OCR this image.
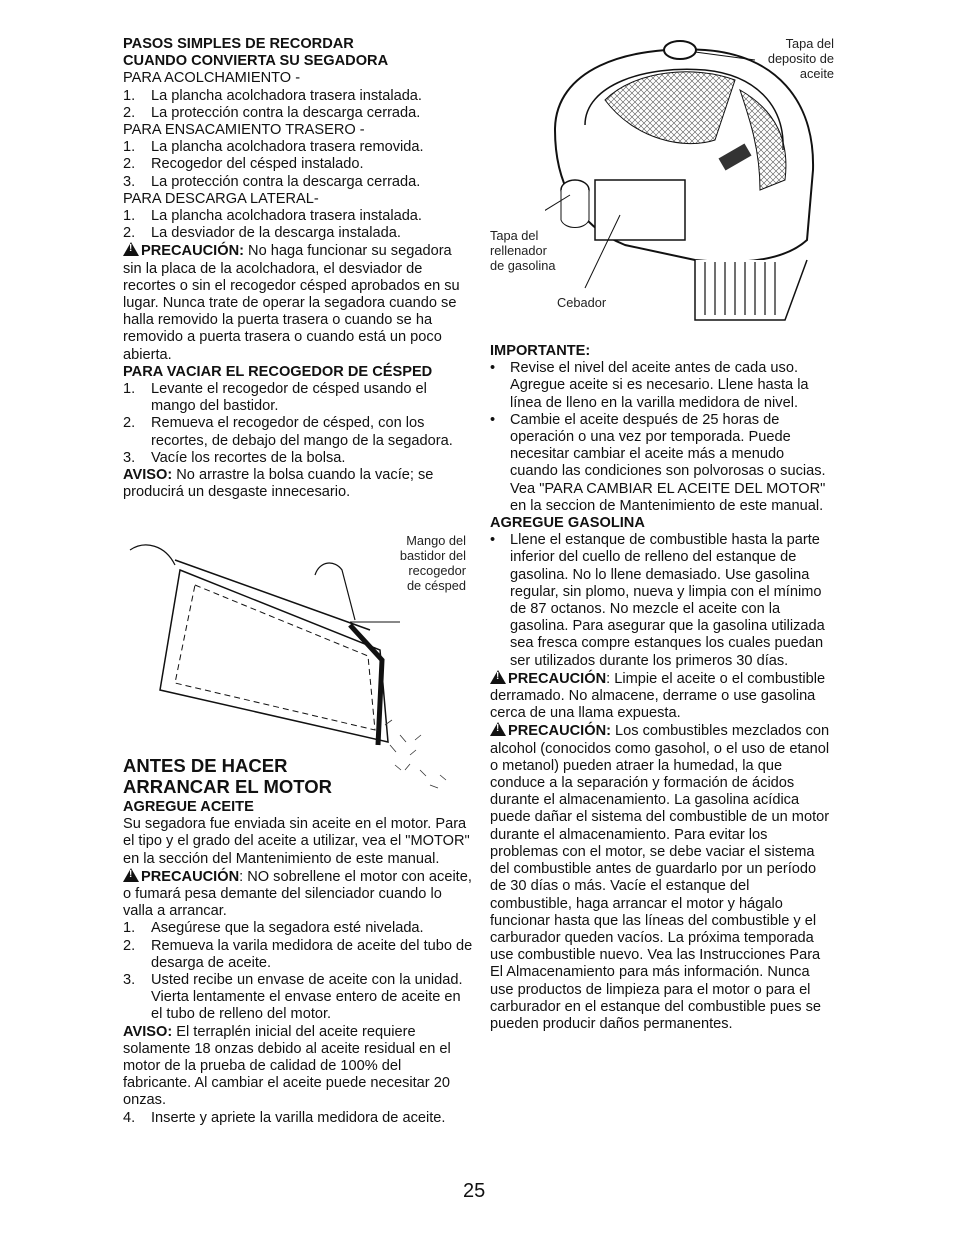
Tapa del
deposito de
aceite
Tapa del
rellenador
de gasolina
Cebador
Mango del
bastidor del
recogedor
de césped

PASOS SIMPLES DE RECORDAR

CUANDO CONVIERTA SU SEGADORA

PARA ACOLCHAMIENTO -

1.	La plancha acolchadora trasera instalada.
2.	La protección contra la descarga cerrada.

PARA ENSACAMIENTO TRASERO -

1.	La plancha acolchadora trasera removida.
2.	Recogedor del césped instalado.
3.	La protección contra la descarga cerrada.

PARA DESCARGA LATERAL-

1.	La plancha acolchadora trasera instalada.
2.	La desviador de la descarga instalada.

!PRECAUCIÓN: No haga funcionar su segadora sin la placa de la acolchadora, el desviador de recortes o sin el recogedor césped aprobados en su lugar. Nunca trate de operar la segadora cuando se halla removido la puerta trasera o cuando se ha removido a puerta trasera o cuando está un poco abierta.

PARA VACIAR EL RECOGEDOR DE CÉSPED

1.	Levante el recogedor de césped usando el mango del bastidor.
2.	Remueva el recogedor de césped, con los recortes, de debajo del mango de la segadora.
3.	Vacíe los recortes de la bolsa.

AVISO: No arrastre la bolsa cuando la vacíe; se producirá un desgaste innecesario.

ANTES DE HACER

ARRANCAR EL MOTOR

AGREGUE ACEITE

Su segadora fue enviada sin aceite en el motor. Para el tipo y el grado del aceite a utilizar, vea el "MOTOR" en la sección del Mantenimiento de este manual.

!PRECAUCIÓN: NO sobrellene el motor con aceite, o fumará pesa demante del silenciador cuando lo valla a arrancar.

1.	Asegúrese que la segadora esté nivelada.
2.	Remueva la varila medidora de aceite del tubo de desarga de aceite.
3.	Usted recibe un envase de aceite con la unidad. Vierta lentamente el envase entero de aceite en el tubo de relleno del motor.

AVISO: El terraplén inicial del aceite requiere solamente 18 onzas debido al aceite residual en el motor de la prueba de calidad de 100% del fabricante. Al cambiar el aceite puede necesitar 20 onzas.

4.	Inserte y apriete la varilla medidora de aceite.

IMPORTANTE:

•	Revise el nivel del aceite antes de cada uso. Agregue aceite si es necesario. Llene hasta la línea de lleno en la varilla medidora de nivel.
•	Cambie el aceite después de 25 horas de operación o una vez por temporada. Puede necesitar cambiar el aceite más a menudo cuando las condiciones son polvorosas o sucias. Vea "PARA CAMBIAR EL ACEITE DEL MOTOR" en la seccion de Mantenimiento de este manual.

AGREGUE GASOLINA

•	Llene el estanque de combustible hasta la parte inferior del cuello de relleno del estanque de gasolina. No lo llene demasiado. Use gasolina regular, sin plomo, nueva y limpia con el mínimo de 87 octanos. No mezcle el aceite con la gasolina. Para asegurar que la gasolina utilizada sea fresca compre estanques los cuales puedan ser utilizados durante los primeros 30 días.

!PRECAUCIÓN: Limpie el aceite o el combustible derramado. No almacene, derrame o use gasolina cerca de una llama expuesta.

!PRECAUCIÓN: Los combustibles mezclados con alcohol (conocidos como gasohol, o el uso de etanol o metanol) pueden atraer la humedad, la que conduce a la separación y formación de ácidos durante el almacenamiento. La gasolina acídica puede dañar el sistema del combustible de un motor durante el almacenamiento. Para evitar los problemas con el motor, se debe vaciar el sistema del combustible antes de guardarlo por un período de 30 días o más. Vacíe el estanque del combustible, haga arrancar el motor y hágalo funcionar hasta que las líneas del combustible y el carburador queden vacíos. La próxima temporada use combustible nuevo. Vea las Instrucciones Para El Almacenamiento para más información. Nunca use productos de limpieza para el motor o para el carburador en el estanque del combustible pues se pueden producir daños permanentes.

25
